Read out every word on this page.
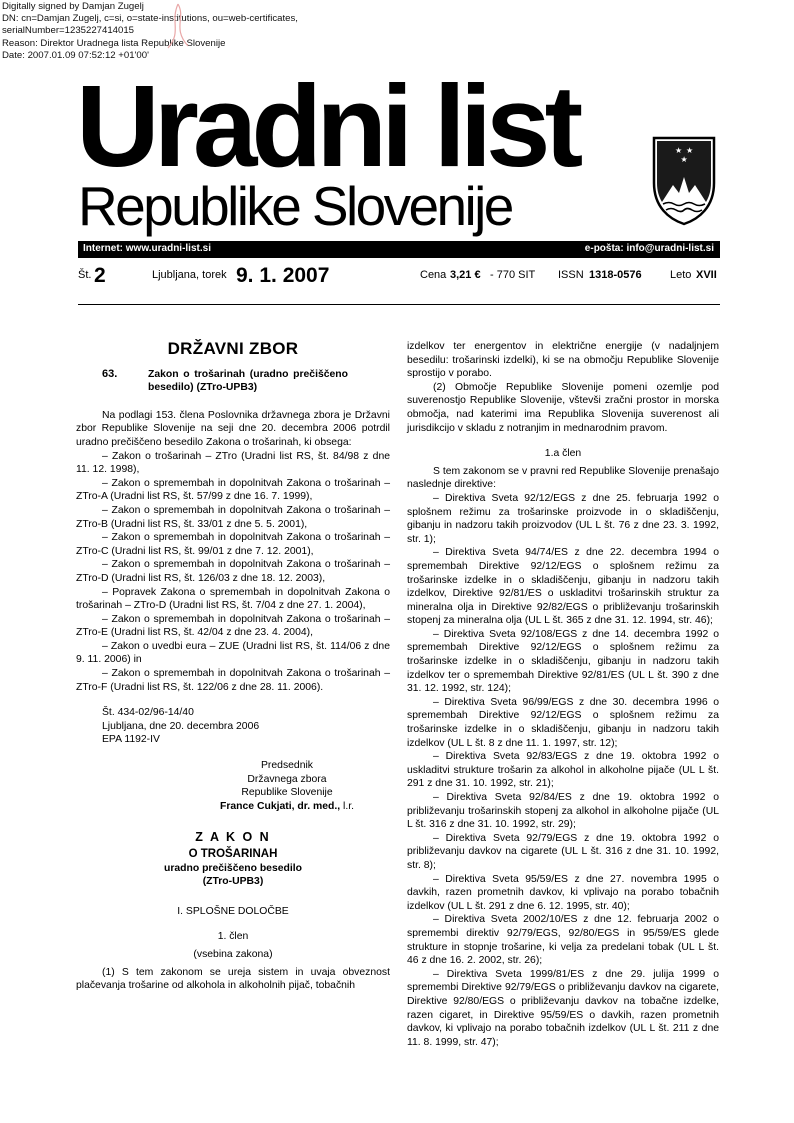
Digitally signed by Damjan Zugelj
DN: cn=Damjan Zugelj, c=si, o=state-institutions, ou=web-certificates,
serialNumber=1235227414015
Reason: Direktor Uradnega lista Republike Slovenije
Date: 2007.01.09 07:52:12 +01'00'
Uradni list
Republike Slovenije
★ ★
★
Internet: www.uradni-list.si	e-pošta: info@uradni-list.si
Št. 2	Ljubljana, torek 9. 1. 2007	Cena 3,21 € - 770 SIT ISSN 1318-0576	Leto XVII
DRŽAVNI ZBOR
63.	Zakon o trošarinah (uradno prečiščeno besedilo) (ZTro-UPB3)

Na podlagi 153. člena Poslovnika državnega zbora je Državni zbor Republike Slovenije na seji dne 20. decembra 2006 potrdil uradno prečiščeno besedilo Zakona o trošarinah, ki obsega:

– Zakon o trošarinah – ZTro (Uradni list RS, št. 84/98 z dne 11. 12. 1998),

– Zakon o spremembah in dopolnitvah Zakona o trošarinah – ZTro-A (Uradni list RS, št. 57/99 z dne 16. 7. 1999),

– Zakon o spremembah in dopolnitvah Zakona o trošarinah – ZTro-B (Uradni list RS, št. 33/01 z dne 5. 5. 2001),

– Zakon o spremembah in dopolnitvah Zakona o trošarinah – ZTro-C (Uradni list RS, št. 99/01 z dne 7. 12. 2001),

– Zakon o spremembah in dopolnitvah Zakona o trošarinah – ZTro-D (Uradni list RS, št. 126/03 z dne 18. 12. 2003),

– Popravek Zakona o spremembah in dopolnitvah Zakona o trošarinah – ZTro-D (Uradni list RS, št. 7/04 z dne 27. 1. 2004),

– Zakon o spremembah in dopolnitvah Zakona o trošarinah – ZTro-E (Uradni list RS, št. 42/04 z dne 23. 4. 2004),

– Zakon o uvedbi eura – ZUE (Uradni list RS, št. 114/06 z dne 9. 11. 2006) in

– Zakon o spremembah in dopolnitvah Zakona o trošarinah – ZTro-F (Uradni list RS, št. 122/06 z dne 28. 11. 2006).

Št. 434-02/96-14/40
Ljubljana, dne 20. decembra 2006
EPA 1192-IV
Predsednik
Državnega zbora
Republike Slovenije
France Cukjati, dr. med., l.r.
Z A K O N
O TROŠARINAH
uradno prečiščeno besedilo
(ZTro-UPB3)
I. SPLOŠNE DOLOČBE
1. člen
(vsebina zakona)

(1) S tem zakonom se ureja sistem in uvaja obveznost plačevanja trošarine od alkohola in alkoholnih pijač, tobačnih

izdelkov ter energentov in električne energije (v nadaljnjem besedilu: trošarinski izdelki), ki se na območju Republike Slovenije sprostijo v porabo.

(2) Območje Republike Slovenije pomeni ozemlje pod suverenostjo Republike Slovenije, vštevši zračni prostor in morska območja, nad katerimi ima Republika Slovenija suverenost ali jurisdikcijo v skladu z notranjim in mednarodnim pravom.

1.a člen

S tem zakonom se v pravni red Republike Slovenije prenašajo naslednje direktive:

– Direktiva Sveta 92/12/EGS z dne 25. februarja 1992 o splošnem režimu za trošarinske proizvode in o skladiščenju, gibanju in nadzoru takih proizvodov (UL L št. 76 z dne 23. 3. 1992, str. 1);

– Direktiva Sveta 94/74/ES z dne 22. decembra 1994 o spremembah Direktive 92/12/EGS o splošnem režimu za trošarinske izdelke in o skladiščenju, gibanju in nadzoru takih izdelkov, Direktive 92/81/ES o uskladitvi trošarinskih struktur za mineralna olja in Direktive 92/82/EGS o približevanju trošarinskih stopenj za mineralna olja (UL L št. 365 z dne 31. 12. 1994, str. 46);

– Direktiva Sveta 92/108/EGS z dne 14. decembra 1992 o spremembah Direktive 92/12/EGS o splošnem režimu za trošarinske izdelke in o skladiščenju, gibanju in nadzoru takih izdelkov ter o spremembah Direktive 92/81/ES (UL L št. 390 z dne 31. 12. 1992, str. 124);

– Direktiva Sveta 96/99/EGS z dne 30. decembra 1996 o spremembah Direktive 92/12/EGS o splošnem režimu za trošarinske izdelke in o skladiščenju, gibanju in nadzoru takih izdelkov (UL L št. 8 z dne 11. 1. 1997, str. 12);

– Direktiva Sveta 92/83/EGS z dne 19. oktobra 1992 o uskladitvi strukture trošarin za alkohol in alkoholne pijače (UL L št. 291 z dne 31. 10. 1992, str. 21);

– Direktiva Sveta 92/84/ES z dne 19. oktobra 1992 o približevanju trošarinskih stopenj za alkohol in alkoholne pijače (UL L št. 316 z dne 31. 10. 1992, str. 29);

– Direktiva Sveta 92/79/EGS z dne 19. oktobra 1992 o približevanju davkov na cigarete (UL L št. 316 z dne 31. 10. 1992, str. 8);

– Direktiva Sveta 95/59/ES z dne 27. novembra 1995 o davkih, razen prometnih davkov, ki vplivajo na porabo tobačnih izdelkov (UL L št. 291 z dne 6. 12. 1995, str. 40);

– Direktiva Sveta 2002/10/ES z dne 12. februarja 2002 o spremembi direktiv 92/79/EGS, 92/80/EGS in 95/59/ES glede strukture in stopnje trošarine, ki velja za predelani tobak (UL L št. 46 z dne 16. 2. 2002, str. 26);

– Direktiva Sveta 1999/81/ES z dne 29. julija 1999 o spremembi Direktive 92/79/EGS o približevanju davkov na cigarete, Direktive 92/80/EGS o približevanju davkov na tobačne izdelke, razen cigaret, in Direktive 95/59/ES o davkih, razen prometnih davkov, ki vplivajo na porabo tobačnih izdelkov (UL L št. 211 z dne 11. 8. 1999, str. 47);
